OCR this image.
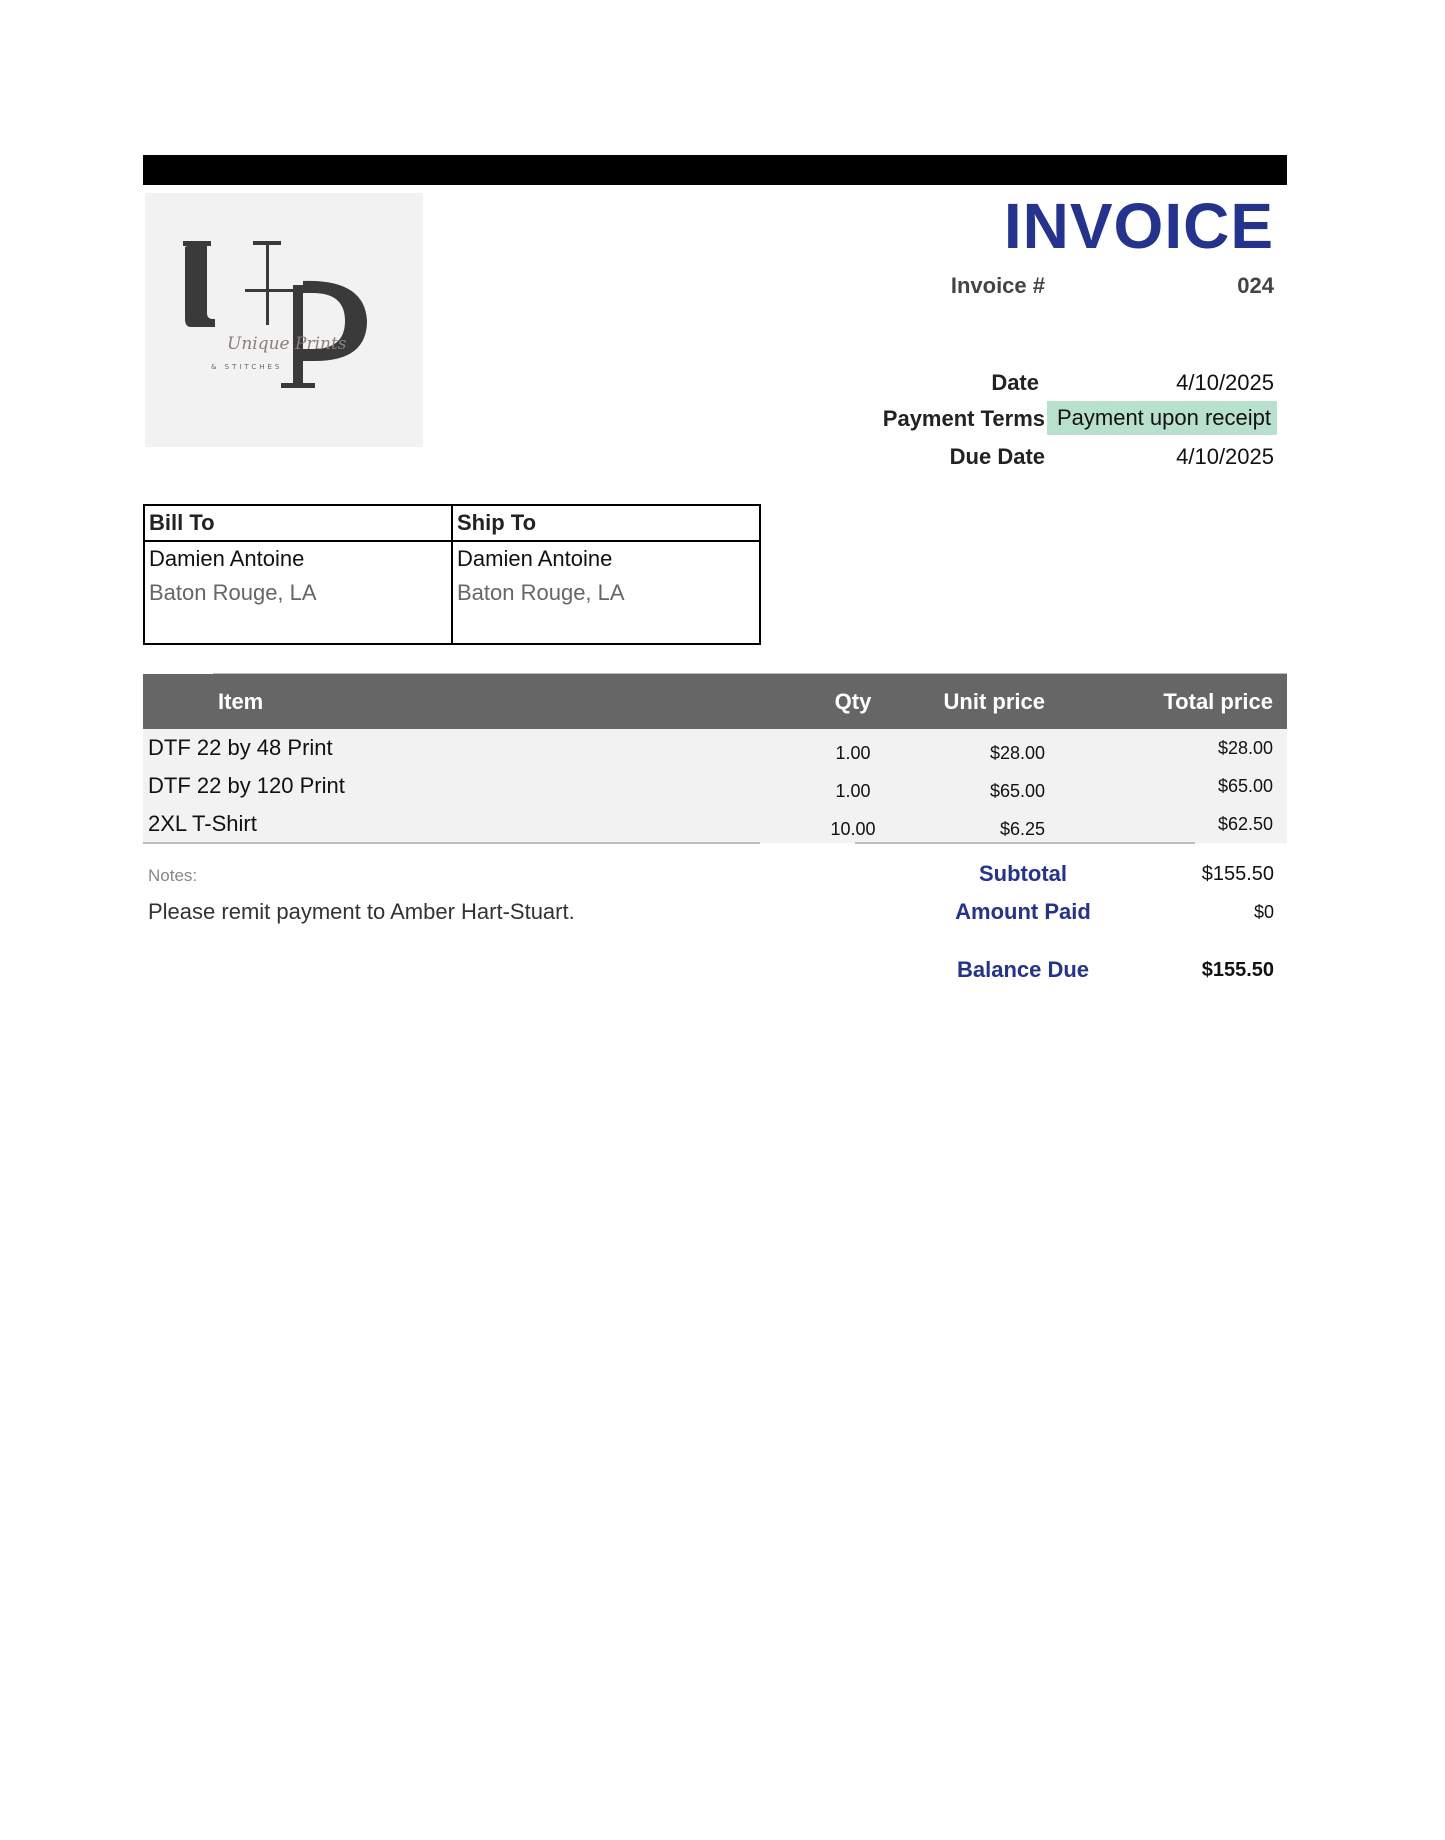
Unique Prints
& STITCHES
INVOICE
Invoice #	024
Date	4/10/2025
Payment Terms Payment upon receipt
Due Date	4/10/2025
Bill To
Damien Antoine
Baton Rouge, LA
Ship To
Damien Antoine
Baton Rouge, LA
Item	Qty	Unit price	Total price
DTF 22 by 48 Print	1.00	$28.00	$28.00
DTF 22 by 120 Print	1.00	$65.00	$65.00
2XL T-Shirt	10.00	$6.25	$62.50
Notes:
Please remit payment to Amber Hart-Stuart.
Subtotal	$155.50
Amount Paid	$0
Balance Due	$155.50
